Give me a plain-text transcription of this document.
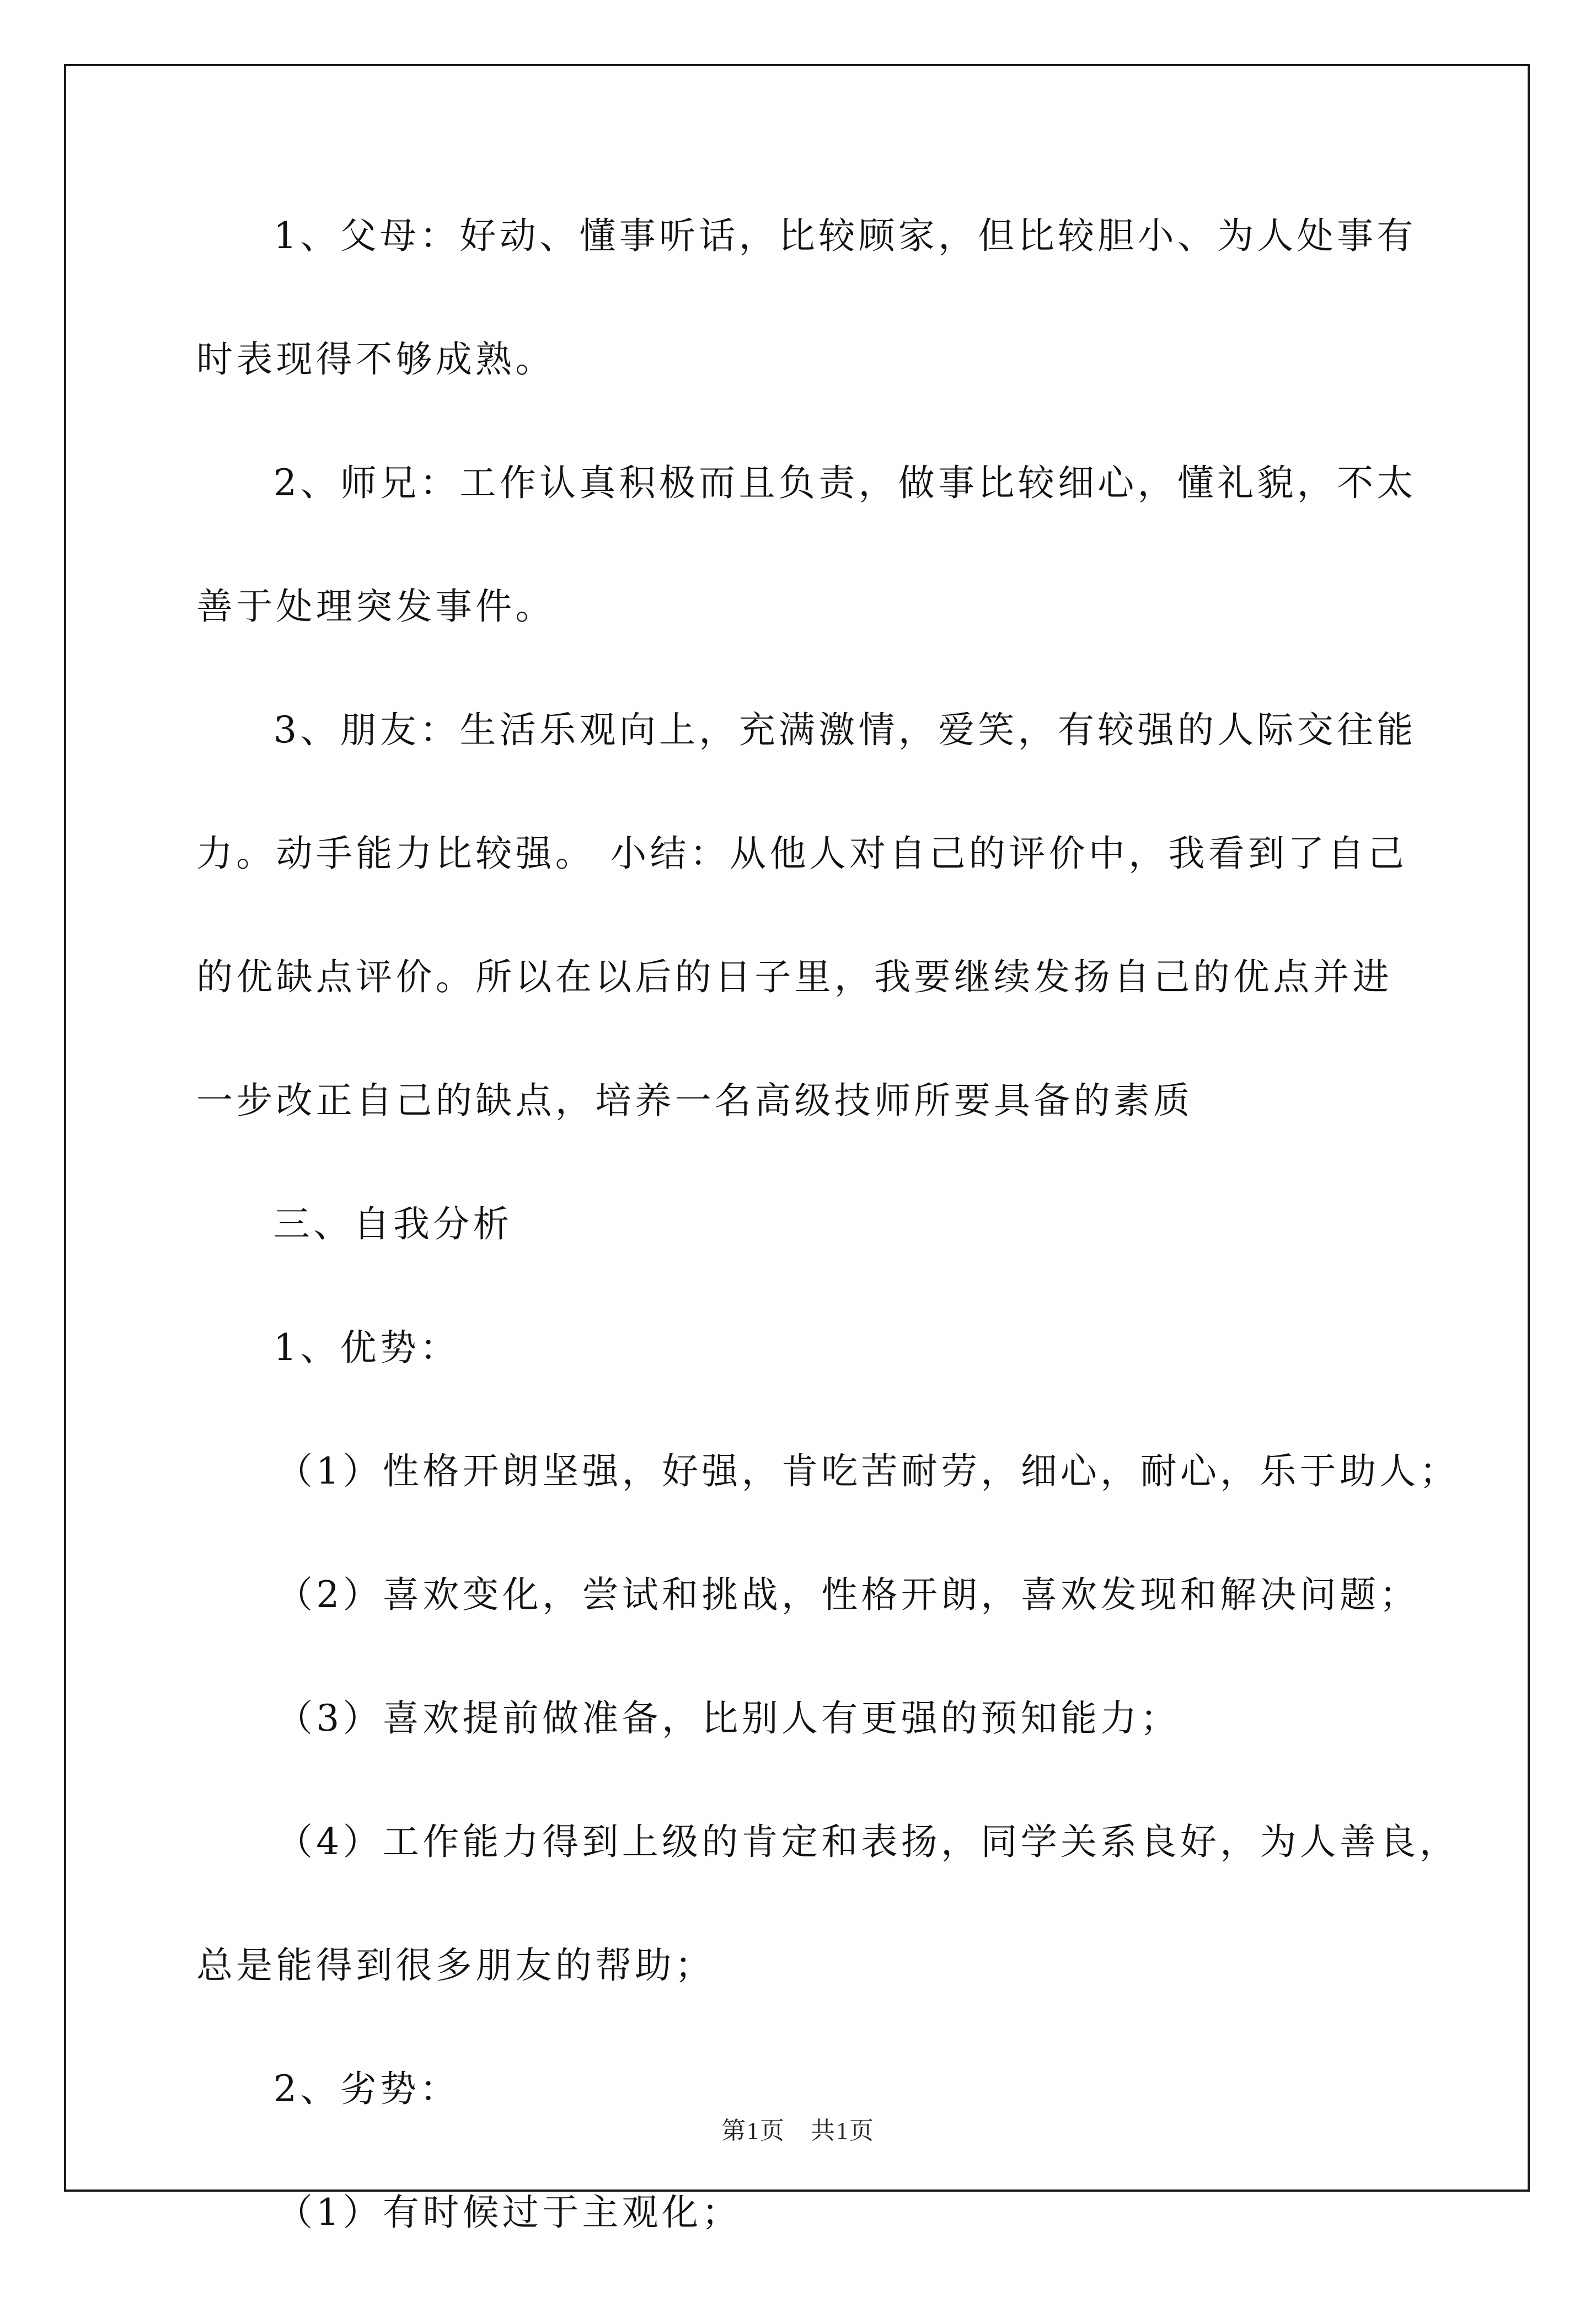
1、父母：好动、懂事听话，比较顾家，但比较胆小、为人处事有
时表现得不够成熟。
2、师兄：工作认真积极而且负责，做事比较细心，懂礼貌，不太
善于处理突发事件。
3、朋友：生活乐观向上，充满激情，爱笑，有较强的人际交往能
力。动手能力比较强。 小结：从他人对自己的评价中，我看到了自己
的优缺点评价。所以在以后的日子里，我要继续发扬自己的优点并进
一步改正自己的缺点，培养一名高级技师所要具备的素质
三、自我分析
1、优势：
（1）性格开朗坚强，好强，肯吃苦耐劳，细心，耐心，乐于助人；
（2）喜欢变化，尝试和挑战，性格开朗，喜欢发现和解决问题；
（3）喜欢提前做准备，比别人有更强的预知能力；
（4）工作能力得到上级的肯定和表扬，同学关系良好，为人善良，
总是能得到很多朋友的帮助；
2、劣势：
（1）有时候过于主观化；
第1页　共1页
